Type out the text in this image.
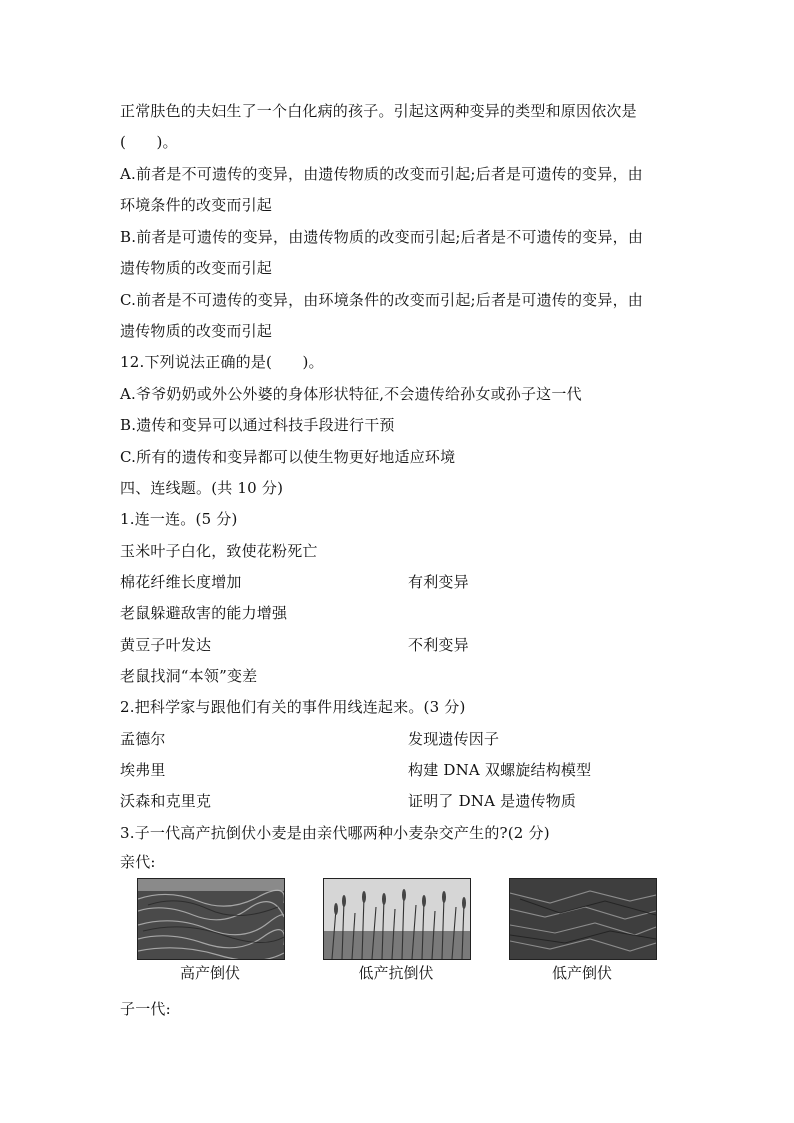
正常肤色的夫妇生了一个白化病的孩子。引起这两种变异的类型和原因依次是
(　　)。
A.前者是不可遗传的变异，由遗传物质的改变而引起;后者是可遗传的变异，由
环境条件的改变而引起
B.前者是可遗传的变异，由遗传物质的改变而引起;后者是不可遗传的变异，由
遗传物质的改变而引起
C.前者是不可遗传的变异，由环境条件的改变而引起;后者是可遗传的变异，由
遗传物质的改变而引起
12.下列说法正确的是(　　)。
A.爷爷奶奶或外公外婆的身体形状特征,不会遗传给孙女或孙子这一代
B.遗传和变异可以通过科技手段进行干预
C.所有的遗传和变异都可以使生物更好地适应环境
四、连线题。(共 10 分)
1.连一连。(5 分)
玉米叶子白化，致使花粉死亡
棉花纤维长度增加	有利变异
老鼠躲避敌害的能力增强
黄豆子叶发达	不利变异
老鼠找洞“本领”变差
2.把科学家与跟他们有关的事件用线连起来。(3 分)
孟德尔	发现遗传因子
埃弗里	构建 DNA 双螺旋结构模型
沃森和克里克	证明了 DNA 是遗传物质
3.子一代高产抗倒伏小麦是由亲代哪两种小麦杂交产生的?(2 分)
亲代:
高产倒伏	低产抗倒伏	低产倒伏
子一代:
